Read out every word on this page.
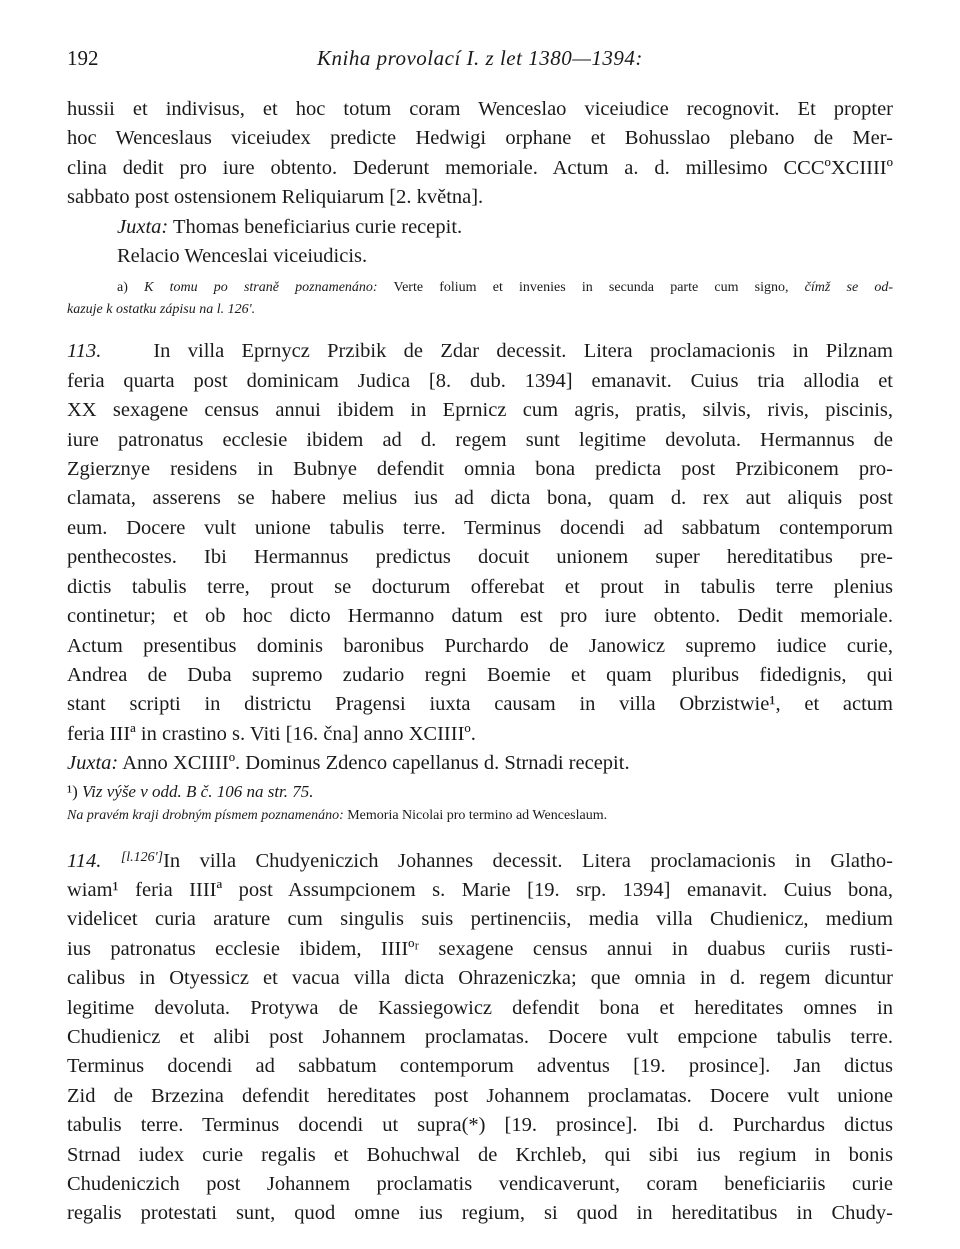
192	Kniha provolací I. z let 1380—1394:
hussii et indivisus, et hoc totum coram Wenceslao viceiudice recognovit. Et propter
hoc Wenceslaus viceiudex predicte Hedwigi orphane et Bohusslao plebano de Mer-
clina dedit pro iure obtento. Dederunt memoriale. Actum a. d. millesimo CCCºXCIIIIº
sabbato post ostensionem Reliquiarum [2. května].
Juxta: Thomas beneficiarius curie recepit.
Relacio Wenceslai viceiudicis.
a) K tomu po straně poznamenáno: Verte folium et invenies in secunda parte cum signo, čímž se od-
kazuje k ostatku zápisu na l. 126'.
113.	In villa Eprnycz Przibik de Zdar decessit. Litera proclamacionis in Pilznam
feria quarta post dominicam Judica [8. dub. 1394] emanavit. Cuius tria allodia et
XX sexagene census annui ibidem in Eprnicz cum agris, pratis, silvis, rivis, piscinis,
iure patronatus ecclesie ibidem ad d. regem sunt legitime devoluta. Hermannus de
Zgierznye residens in Bubnye defendit omnia bona predicta post Przibiconem pro-
clamata, asserens se habere melius ius ad dicta bona, quam d. rex aut aliquis post
eum. Docere vult unione tabulis terre. Terminus docendi ad sabbatum contemporum
penthecostes. Ibi Hermannus predictus docuit unionem super hereditatibus pre-
dictis tabulis terre, prout se docturum offerebat et prout in tabulis terre plenius
continetur; et ob hoc dicto Hermanno datum est pro iure obtento. Dedit memoriale.
Actum presentibus dominis baronibus Purchardo de Janowicz supremo iudice curie,
Andrea de Duba supremo zudario regni Boemie et quam pluribus fidedignis, qui
stant scripti in districtu Pragensi iuxta causam in villa Obrzistwie¹, et actum
feria IIIª in crastino s. Viti [16. čna] anno XCIIIIº.
Juxta: Anno XCIIIIº. Dominus Zdenco capellanus d. Strnadi recepit.
¹) Viz výše v odd. B č. 106 na str. 75.
Na pravém kraji drobným písmem poznamenáno: Memoria Nicolai pro termino ad Wenceslaum.
114. [l.126']In villa Chudyeniczich Johannes decessit. Litera proclamacionis in Glatho-
wiam¹ feria IIIIª post Assumpcionem s. Marie [19. srp. 1394] emanavit. Cuius bona,
videlicet curia arature cum singulis suis pertinenciis, media villa Chudienicz, medium
ius patronatus ecclesie ibidem, IIIIºʳ sexagene census annui in duabus curiis rusti-
calibus in Otyessicz et vacua villa dicta Ohrazeniczka; que omnia in d. regem dicuntur
legitime devoluta. Protywa de Kassiegowicz defendit bona et hereditates omnes in
Chudienicz et alibi post Johannem proclamatas. Docere vult empcione tabulis terre.
Terminus docendi ad sabbatum contemporum adventus [19. prosince]. Jan dictus
Zid de Brzezina defendit hereditates post Johannem proclamatas. Docere vult unione
tabulis terre. Terminus docendi ut supra(*) [19. prosince]. Ibi d. Purchardus dictus
Strnad iudex curie regalis et Bohuchwal de Krchleb, qui sibi ius regium in bonis
Chudeniczich post Johannem proclamatis vendicaverunt, coram beneficiariis curie
regalis protestati sunt, quod omne ius regium, si quod in hereditatibus in Chudy-
